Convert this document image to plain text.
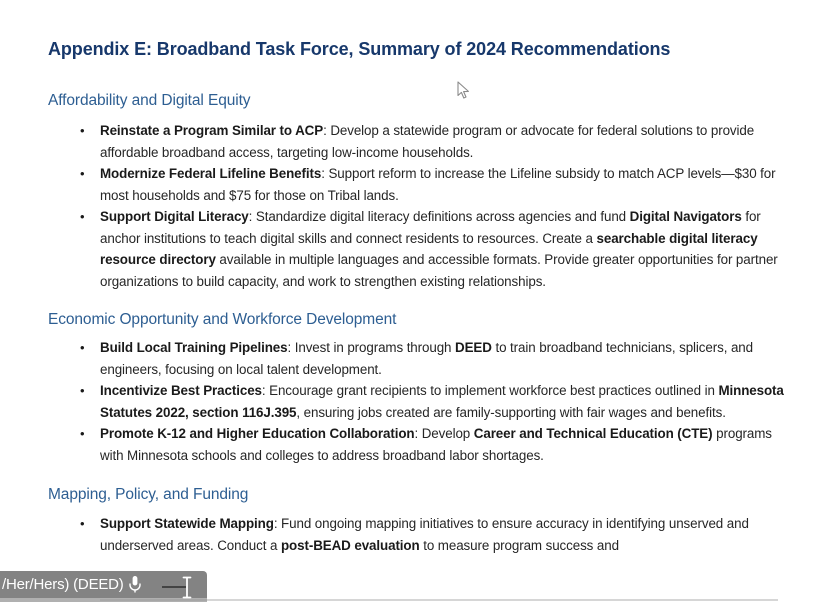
Appendix E: Broadband Task Force, Summary of 2024 Recommendations
Affordability and Digital Equity
• Reinstate a Program Similar to ACP: Develop a statewide program or advocate for federal solutions to provide affordable broadband access, targeting low-income households.
• Modernize Federal Lifeline Benefits: Support reform to increase the Lifeline subsidy to match ACP levels—$30 for most households and $75 for those on Tribal lands.
• Support Digital Literacy: Standardize digital literacy definitions across agencies and fund Digital Navigators for anchor institutions to teach digital skills and connect residents to resources. Create a searchable digital literacy resource directory available in multiple languages and accessible formats. Provide greater opportunities for partner organizations to build capacity, and work to strengthen existing relationships.
Economic Opportunity and Workforce Development
• Build Local Training Pipelines: Invest in programs through DEED to train broadband technicians, splicers, and engineers, focusing on local talent development.
• Incentivize Best Practices: Encourage grant recipients to implement workforce best practices outlined in Minnesota Statutes 2022, section 116J.395, ensuring jobs created are family-supporting with fair wages and benefits.
• Promote K-12 and Higher Education Collaboration: Develop Career and Technical Education (CTE) programs with Minnesota schools and colleges to address broadband labor shortages.
Mapping, Policy, and Funding
• Support Statewide Mapping: Fund ongoing mapping initiatives to ensure accuracy in identifying unserved and underserved areas. Conduct a post-BEAD evaluation to measure program success and
/Her/Hers) (DEED)
